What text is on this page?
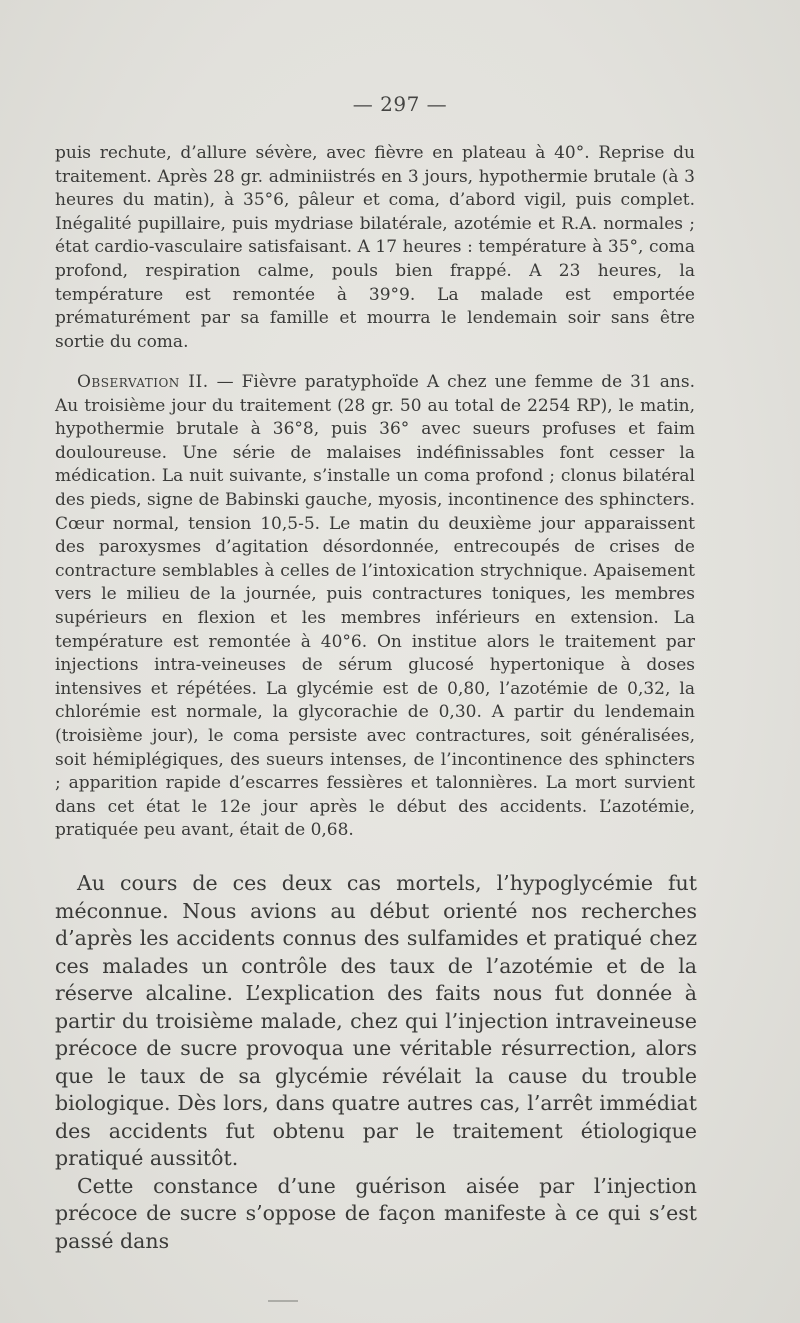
— 297 —

puis rechute, d’allure sévère, avec fièvre en plateau à 40°. Reprise du traitement. Après 28 gr. adminiistrés en 3 jours, hypothermie brutale (à 3 heures du matin), à 35°6, pâleur et coma, d’abord vigil, puis complet. Inégalité pupillaire, puis mydriase bilatérale, azotémie et R.A. normales ; état cardio-vasculaire satisfaisant. A 17 heures : température à 35°, coma profond, respiration calme, pouls bien frappé. A 23 heures, la température est remontée à 39°9. La malade est emportée prématurément par sa famille et mourra le lendemain soir sans être sortie du coma.

Observation II. — Fièvre paratyphoïde A chez une femme de 31 ans. Au troisième jour du traitement (28 gr. 50 au total de 2254 RP), le matin, hypothermie brutale à 36°8, puis 36° avec sueurs profuses et faim douloureuse. Une série de malaises indéfinissables font cesser la médication. La nuit suivante, s’installe un coma profond ; clonus bilatéral des pieds, signe de Babinski gauche, myosis, incontinence des sphincters. Cœur normal, tension 10,5-5. Le matin du deuxième jour apparaissent des paroxysmes d’agitation désordonnée, entrecoupés de crises de contracture semblables à celles de l’intoxication strychnique. Apaisement vers le milieu de la journée, puis contractures toniques, les membres supérieurs en flexion et les membres inférieurs en extension. La température est remontée à 40°6. On institue alors le traitement par injections intra-veineuses de sérum glucosé hypertonique à doses intensives et répétées. La glycémie est de 0,80, l’azotémie de 0,32, la chlorémie est normale, la glycorachie de 0,30. A partir du lendemain (troisième jour), le coma persiste avec contractures, soit généralisées, soit hémiplégiques, des sueurs intenses, de l’incontinence des sphincters ; apparition rapide d’escarres fessières et talonnières. La mort survient dans cet état le 12e jour après le début des accidents. L’azotémie, pratiquée peu avant, était de 0,68.

Au cours de ces deux cas mortels, l’hypoglycémie fut méconnue. Nous avions au début orienté nos recherches d’après les accidents connus des sulfamides et pratiqué chez ces malades un contrôle des taux de l’azotémie et de la réserve alcaline. L’explication des faits nous fut donnée à partir du troisième malade, chez qui l’injection intraveineuse précoce de sucre provoqua une véritable résurrection, alors que le taux de sa glycémie révélait la cause du trouble biologique. Dès lors, dans quatre autres cas, l’arrêt immédiat des accidents fut obtenu par le traitement étiologique pratiqué aussitôt.

Cette constance d’une guérison aisée par l’injection précoce de sucre s’oppose de façon manifeste à ce qui s’est passé dans
